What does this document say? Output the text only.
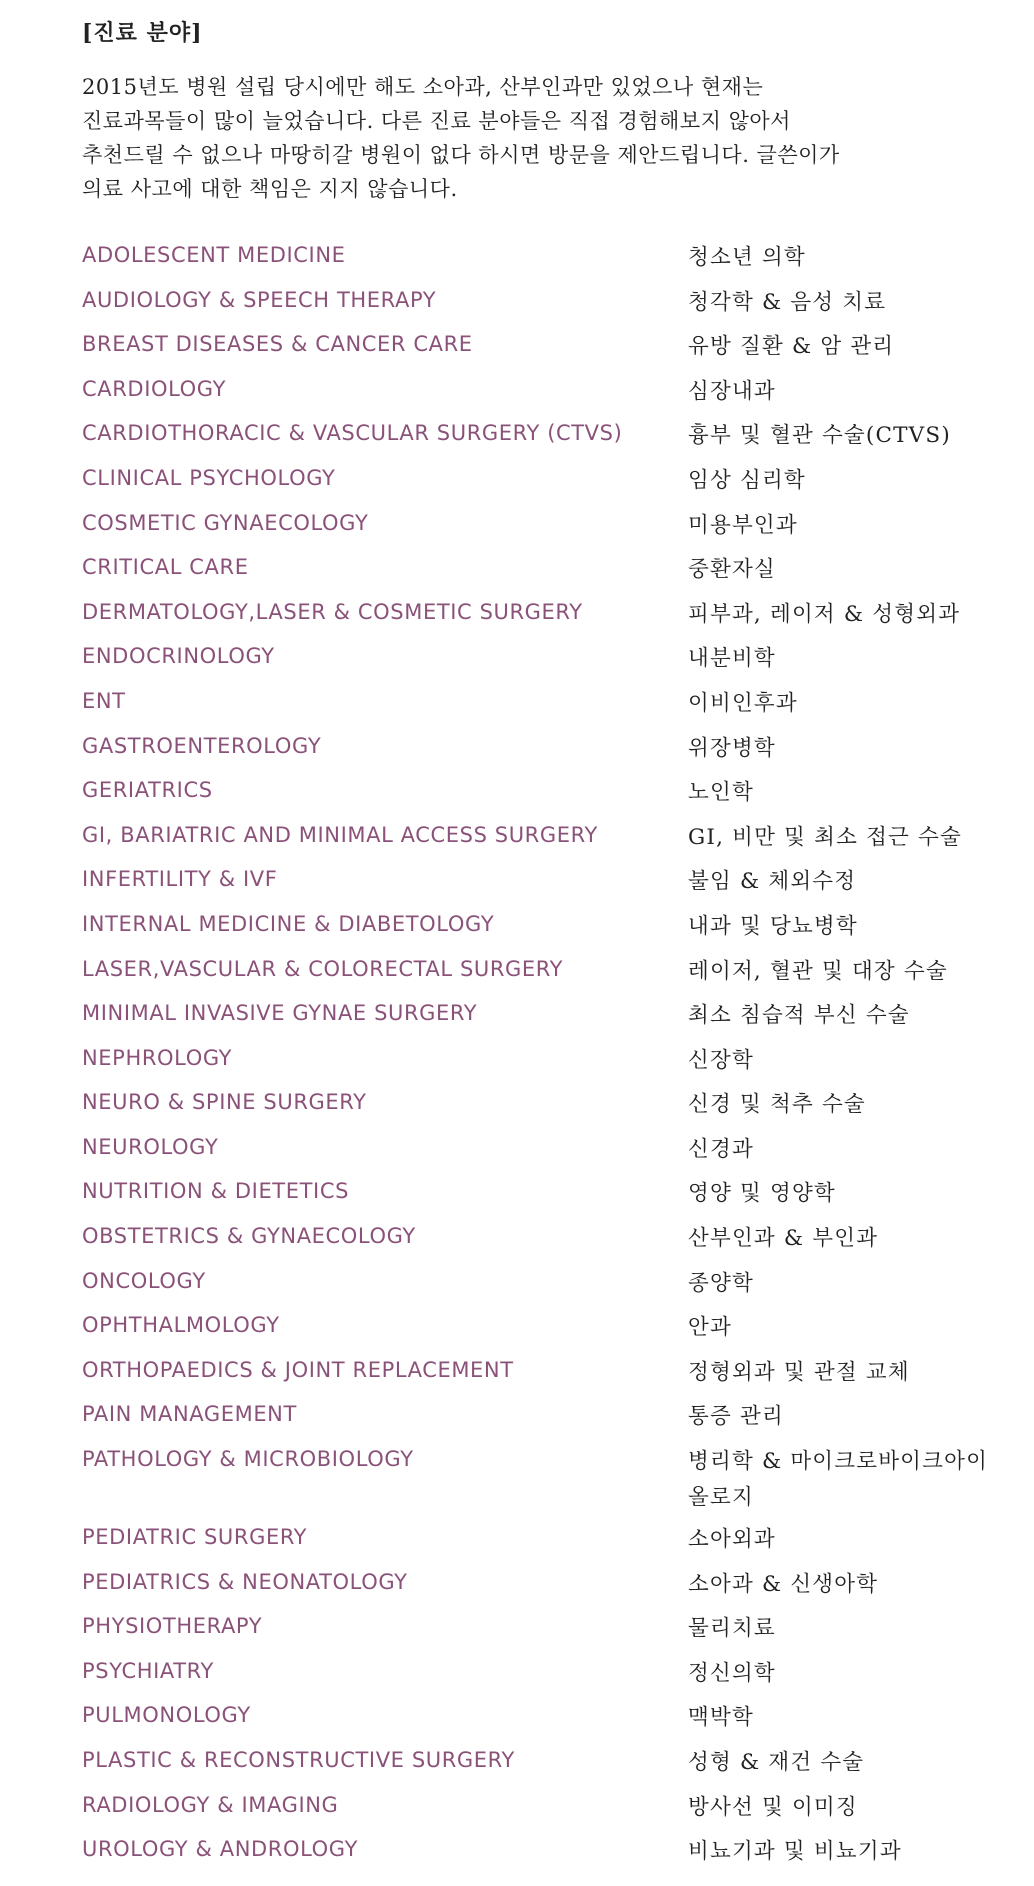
[진료 분야]

2015년도 병원 설립 당시에만 해도 소아과, 산부인과만 있었으나 현재는
진료과목들이 많이 늘었습니다. 다른 진료 분야들은 직접 경험해보지 않아서
추천드릴 수 없으나 마땅히갈 병원이 없다 하시면 방문을 제안드립니다. 글쓴이가
의료 사고에 대한 책임은 지지 않습니다.

ADOLESCENT MEDICINE	청소년 의학
AUDIOLOGY & SPEECH THERAPY	청각학 & 음성 치료
BREAST DISEASES & CANCER CARE	유방 질환 & 암 관리
CARDIOLOGY	심장내과
CARDIOTHORACIC & VASCULAR SURGERY (CTVS)	흉부 및 혈관 수술(CTVS)
CLINICAL PSYCHOLOGY	임상 심리학
COSMETIC GYNAECOLOGY	미용부인과
CRITICAL CARE	중환자실
DERMATOLOGY,LASER & COSMETIC SURGERY	피부과, 레이저 & 성형외과
ENDOCRINOLOGY	내분비학
ENT	이비인후과
GASTROENTEROLOGY	위장병학
GERIATRICS	노인학
GI, BARIATRIC AND MINIMAL ACCESS SURGERY	GI, 비만 및 최소 접근 수술
INFERTILITY & IVF	불임 & 체외수정
INTERNAL MEDICINE & DIABETOLOGY	내과 및 당뇨병학
LASER,VASCULAR & COLORECTAL SURGERY	레이저, 혈관 및 대장 수술
MINIMAL INVASIVE GYNAE SURGERY	최소 침습적 부신 수술
NEPHROLOGY	신장학
NEURO & SPINE SURGERY	신경 및 척추 수술
NEUROLOGY	신경과
NUTRITION & DIETETICS	영양 및 영양학
OBSTETRICS & GYNAECOLOGY	산부인과 & 부인과
ONCOLOGY	종양학
OPHTHALMOLOGY	안과
ORTHOPAEDICS & JOINT REPLACEMENT	정형외과 및 관절 교체
PAIN MANAGEMENT	통증 관리
PATHOLOGY & MICROBIOLOGY	병리학 & 마이크로바이크아이올로지
PEDIATRIC SURGERY	소아외과
PEDIATRICS & NEONATOLOGY	소아과 & 신생아학
PHYSIOTHERAPY	물리치료
PSYCHIATRY	정신의학
PULMONOLOGY	맥박학
PLASTIC & RECONSTRUCTIVE SURGERY	성형 & 재건 수술
RADIOLOGY & IMAGING	방사선 및 이미징
UROLOGY & ANDROLOGY	비뇨기과 및 비뇨기과
